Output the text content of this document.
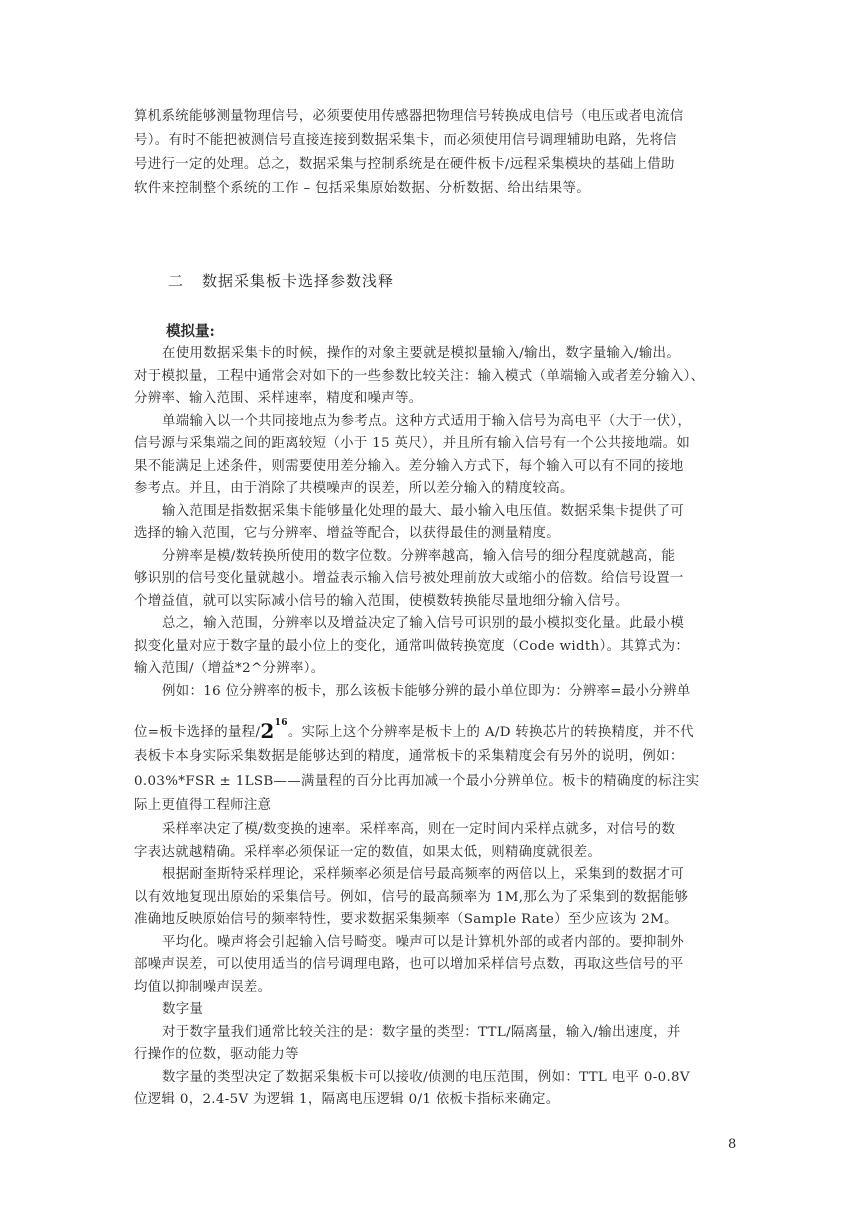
算机系统能够测量物理信号，必须要使用传感器把物理信号转换成电信号（电压或者电流信
号）。有时不能把被测信号直接连接到数据采集卡，而必须使用信号调理辅助电路，先将信
号进行一定的处理。总之，数据采集与控制系统是在硬件板卡/远程采集模块的基础上借助
软件来控制整个系统的工作 – 包括采集原始数据、分析数据、给出结果等。
二 数据采集板卡选择参数浅释
模拟量:
在使用数据采集卡的时候，操作的对象主要就是模拟量输入/输出，数字量输入/输出。
对于模拟量，工程中通常会对如下的一些参数比较关注：输入模式（单端输入或者差分输入）、
分辨率、输入范围、采样速率，精度和噪声等。
单端输入以一个共同接地点为参考点。这种方式适用于输入信号为高电平（大于一伏），
信号源与采集端之间的距离较短（小于 15 英尺），并且所有输入信号有一个公共接地端。如
果不能满足上述条件，则需要使用差分输入。差分输入方式下，每个输入可以有不同的接地
参考点。并且，由于消除了共模噪声的误差，所以差分输入的精度较高。
输入范围是指数据采集卡能够量化处理的最大、最小输入电压值。数据采集卡提供了可
选择的输入范围，它与分辨率、增益等配合，以获得最佳的测量精度。
分辨率是模/数转换所使用的数字位数。分辨率越高，输入信号的细分程度就越高，能
够识别的信号变化量就越小。增益表示输入信号被处理前放大或缩小的倍数。给信号设置一
个增益值，就可以实际减小信号的输入范围，使模数转换能尽量地细分输入信号。
总之，输入范围，分辨率以及增益决定了输入信号可识别的最小模拟变化量。此最小模
拟变化量对应于数字量的最小位上的变化，通常叫做转换宽度（Code width）。其算式为：
输入范围/（增益*2^分辨率）。
例如：16 位分辨率的板卡，那么该板卡能够分辨的最小单位即为：分辨率=最小分辨单
位=板卡选择的量程$/2^{16}$。实际上这个分辨率是板卡上的 A/D 转换芯片的转换精度，并不代
表板卡本身实际采集数据是能够达到的精度，通常板卡的采集精度会有另外的说明，例如：
0.03%*FSR ± 1LSB——满量程的百分比再加减一个最小分辨单位。板卡的精确度的标注实
际上更值得工程师注意
采样率决定了模/数变换的速率。采样率高，则在一定时间内采样点就多，对信号的数
字表达就越精确。采样率必须保证一定的数值，如果太低，则精确度就很差。
根据耐奎斯特采样理论，采样频率必须是信号最高频率的两倍以上，采集到的数据才可
以有效地复现出原始的采集信号。例如，信号的最高频率为 1M,那么为了采集到的数据能够
准确地反映原始信号的频率特性，要求数据采集频率（Sample Rate）至少应该为 2M。
平均化。噪声将会引起输入信号畸变。噪声可以是计算机外部的或者内部的。要抑制外
部噪声误差，可以使用适当的信号调理电路，也可以增加采样信号点数，再取这些信号的平
均值以抑制噪声误差。
数字量
对于数字量我们通常比较关注的是：数字量的类型：TTL/隔离量，输入/输出速度，并
行操作的位数，驱动能力等
数字量的类型决定了数据采集板卡可以接收/侦测的电压范围，例如：TTL 电平 0-0.8V
位逻辑 0，2.4-5V 为逻辑 1，隔离电压逻辑 0/1 依板卡指标来确定。
8
